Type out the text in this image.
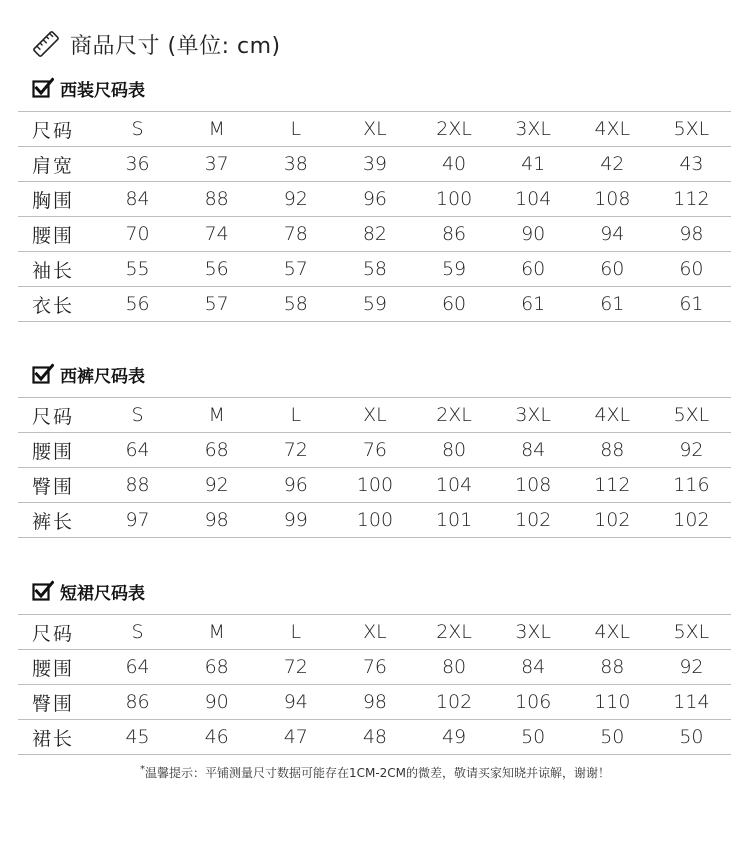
商品尺寸 (单位: cm)
西装尺码表
尺码	S	M	L	XL	2XL	3XL	4XL	5XL
肩宽	36	37	38	39	40	41	42	43
胸围	84	88	92	96	100	104	108	112
腰围	70	74	78	82	86	90	94	98
袖长	55	56	57	58	59	60	60	60
衣长	56	57	58	59	60	61	61	61
西裤尺码表
尺码	S	M	L	XL	2XL	3XL	4XL	5XL
腰围	64	68	72	76	80	84	88	92
臀围	88	92	96	100	104	108	112	116
裤长	97	98	99	100	101	102	102	102
短裙尺码表
尺码	S	M	L	XL	2XL	3XL	4XL	5XL
腰围	64	68	72	76	80	84	88	92
臀围	86	90	94	98	102	106	110	114
裙长	45	46	47	48	49	50	50	50
*温馨提示：平铺测量尺寸数据可能存在1CM-2CM的微差，敬请买家知晓并谅解，谢谢！
